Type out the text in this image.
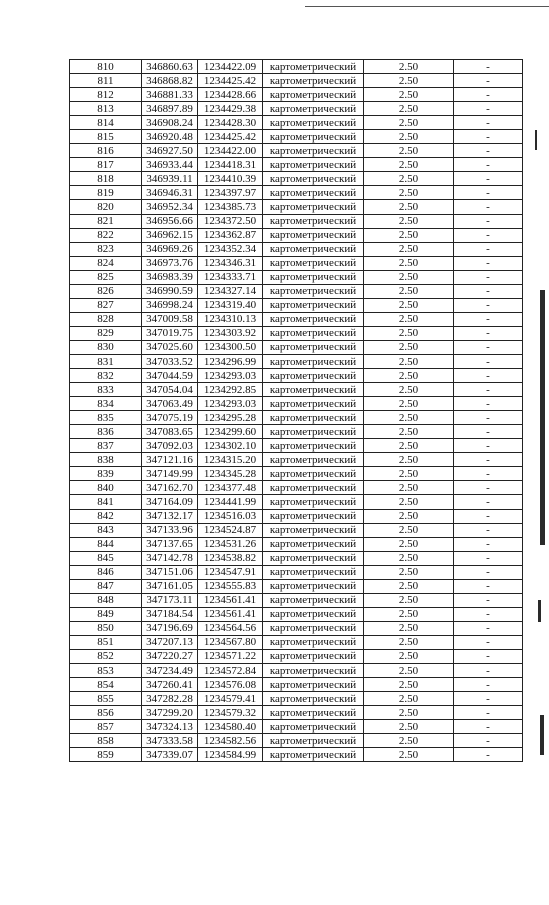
810	346860.63	1234422.09	картометрический	2.50	-
811	346868.82	1234425.42	картометрический	2.50	-
812	346881.33	1234428.66	картометрический	2.50	-
813	346897.89	1234429.38	картометрический	2.50	-
814	346908.24	1234428.30	картометрический	2.50	-
815	346920.48	1234425.42	картометрический	2.50	-
816	346927.50	1234422.00	картометрический	2.50	-
817	346933.44	1234418.31	картометрический	2.50	-
818	346939.11	1234410.39	картометрический	2.50	-
819	346946.31	1234397.97	картометрический	2.50	-
820	346952.34	1234385.73	картометрический	2.50	-
821	346956.66	1234372.50	картометрический	2.50	-
822	346962.15	1234362.87	картометрический	2.50	-
823	346969.26	1234352.34	картометрический	2.50	-
824	346973.76	1234346.31	картометрический	2.50	-
825	346983.39	1234333.71	картометрический	2.50	-
826	346990.59	1234327.14	картометрический	2.50	-
827	346998.24	1234319.40	картометрический	2.50	-
828	347009.58	1234310.13	картометрический	2.50	-
829	347019.75	1234303.92	картометрический	2.50	-
830	347025.60	1234300.50	картометрический	2.50	-
831	347033.52	1234296.99	картометрический	2.50	-
832	347044.59	1234293.03	картометрический	2.50	-
833	347054.04	1234292.85	картометрический	2.50	-
834	347063.49	1234293.03	картометрический	2.50	-
835	347075.19	1234295.28	картометрический	2.50	-
836	347083.65	1234299.60	картометрический	2.50	-
837	347092.03	1234302.10	картометрический	2.50	-
838	347121.16	1234315.20	картометрический	2.50	-
839	347149.99	1234345.28	картометрический	2.50	-
840	347162.70	1234377.48	картометрический	2.50	-
841	347164.09	1234441.99	картометрический	2.50	-
842	347132.17	1234516.03	картометрический	2.50	-
843	347133.96	1234524.87	картометрический	2.50	-
844	347137.65	1234531.26	картометрический	2.50	-
845	347142.78	1234538.82	картометрический	2.50	-
846	347151.06	1234547.91	картометрический	2.50	-
847	347161.05	1234555.83	картометрический	2.50	-
848	347173.11	1234561.41	картометрический	2.50	-
849	347184.54	1234561.41	картометрический	2.50	-
850	347196.69	1234564.56	картометрический	2.50	-
851	347207.13	1234567.80	картометрический	2.50	-
852	347220.27	1234571.22	картометрический	2.50	-
853	347234.49	1234572.84	картометрический	2.50	-
854	347260.41	1234576.08	картометрический	2.50	-
855	347282.28	1234579.41	картометрический	2.50	-
856	347299.20	1234579.32	картометрический	2.50	-
857	347324.13	1234580.40	картометрический	2.50	-
858	347333.58	1234582.56	картометрический	2.50	-
859	347339.07	1234584.99	картометрический	2.50	-
